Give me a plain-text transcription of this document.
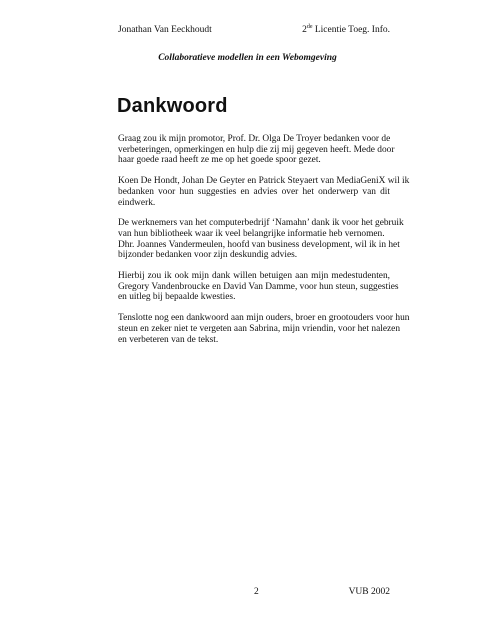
Jonathan Van Eeckhoudt	2de Licentie Toeg. Info.
Collaboratieve modellen in een Webomgeving
Dankwoord

Graag zou ik mijn promotor, Prof. Dr. Olga De Troyer bedanken voor de
verbeteringen, opmerkingen en hulp die zij mij gegeven heeft. Mede door
haar goede raad heeft ze me op het goede spoor gezet.

Koen De Hondt, Johan De Geyter en Patrick Steyaert van MediaGeniX wil ik
bedanken voor hun suggesties en advies over het onderwerp van dit
eindwerk.

De werknemers van het computerbedrijf ‘Namahn’ dank ik voor het gebruik
van hun bibliotheek waar ik veel belangrijke informatie heb vernomen.
Dhr. Joannes Vandermeulen, hoofd van business development, wil ik in het
bijzonder bedanken voor zijn deskundig advies.

Hierbij zou ik ook mijn dank willen betuigen aan mijn medestudenten,
Gregory Vandenbroucke en David Van Damme, voor hun steun, suggesties
en uitleg bij bepaalde kwesties.

Tenslotte nog een dankwoord aan mijn ouders, broer en grootouders voor hun
steun en zeker niet te vergeten aan Sabrina, mijn vriendin, voor het nalezen
en verbeteren van de tekst.

2	VUB 2002
